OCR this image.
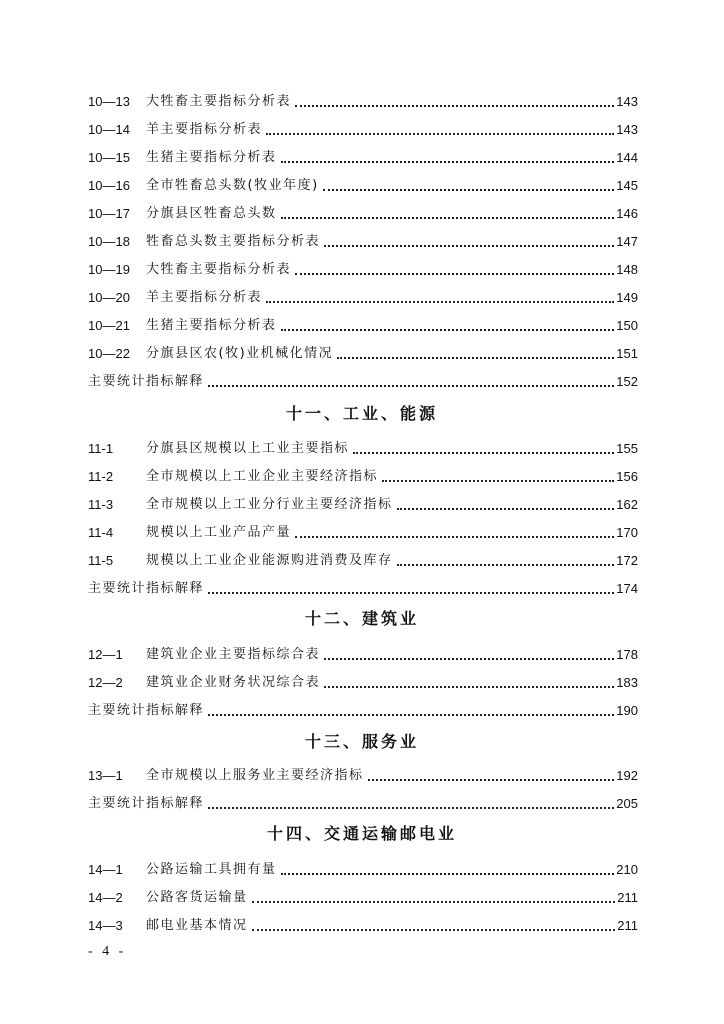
10—13	大牲畜主要指标分析表	143
10—14	羊主要指标分析表	143
10—15	生猪主要指标分析表	144
10—16	全市牲畜总头数(牧业年度)	145
10—17	分旗县区牲畜总头数	146
10—18	牲畜总头数主要指标分析表	147
10—19	大牲畜主要指标分析表	148
10—20	羊主要指标分析表	149
10—21	生猪主要指标分析表	150
10—22	分旗县区农(牧)业机械化情况	151
主要统计指标解释	152
十一、工业、能源
11-1	分旗县区规模以上工业主要指标	155
11-2	全市规模以上工业企业主要经济指标	156
11-3	全市规模以上工业分行业主要经济指标	162
11-4	规模以上工业产品产量	170
11-5	规模以上工业企业能源购进消费及库存	172
主要统计指标解释	174
十二、建筑业
12—1	建筑业企业主要指标综合表	178
12—2	建筑业企业财务状况综合表	183
主要统计指标解释	190
十三、服务业
13—1	全市规模以上服务业主要经济指标	192
主要统计指标解释	205
十四、交通运输邮电业
14—1	公路运输工具拥有量	210
14—2	公路客货运输量	211
14—3	邮电业基本情况	211
- 4 -
